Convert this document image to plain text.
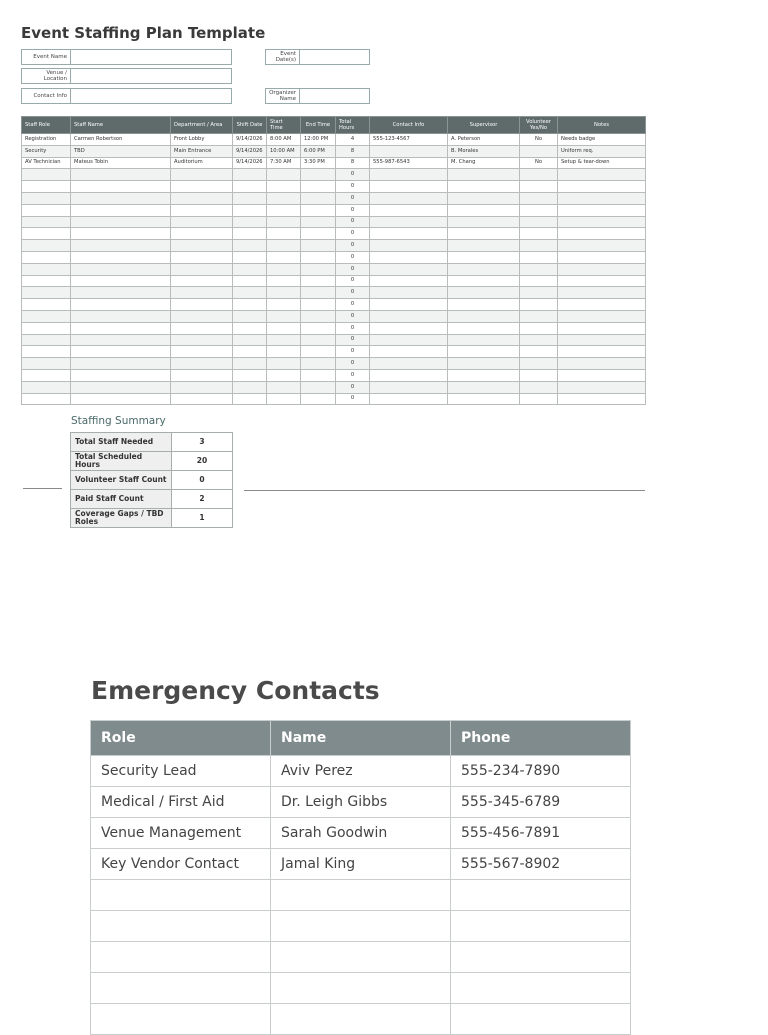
Event Staffing Plan Template
Event Name
Venue / Location
Contact Info
Event Date(s)
Organizer Name
Staff Role	Staff Name	Department / Area	Shift Date	Start Time	End Time	Total Hours	Contact Info	Supervisor	Volunteer Yes/No	Notes
Registration	Carmen Robertson	Front Lobby	9/14/2026	8:00 AM	12:00 PM	4	555-123-4567	A. Peterson	No	Needs badge
Security	TBD	Main Entrance	9/14/2026	10:00 AM	6:00 PM	8		B. Morales		Uniform req.
AV Technician	Mateus Tobin	Auditorium	9/14/2026	7:30 AM	3:30 PM	8	555-987-6543	M. Chang	No	Setup & tear-down
						0				
						0				
						0				
						0				
						0				
						0				
						0				
						0				
						0				
						0				
						0				
						0				
						0				
						0				
						0				
						0				
						0				
						0				
						0				
						0				
Staffing Summary
Total Staff Needed	3
Total Scheduled Hours	20
Volunteer Staff Count	0
Paid Staff Count	2
Coverage Gaps / TBD Roles	1
Emergency Contacts
Role	Name	Phone
Security Lead	Aviv Perez	555-234-7890
Medical / First Aid	Dr. Leigh Gibbs	555-345-6789
Venue Management	Sarah Goodwin	555-456-7891
Key Vendor Contact	Jamal King	555-567-8902
